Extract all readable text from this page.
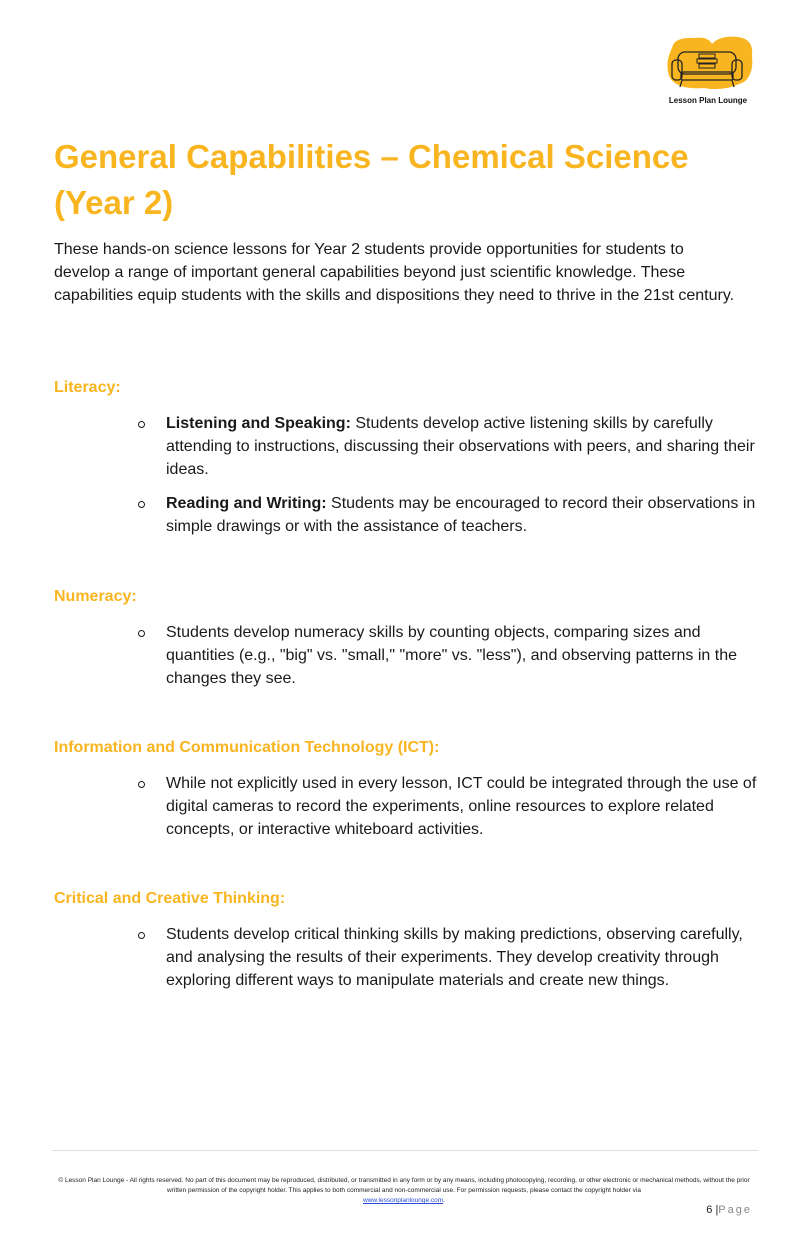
Lesson Plan Lounge
General Capabilities – Chemical Science (Year 2)

These hands-on science lessons for Year 2 students provide opportunities for students to develop a range of important general capabilities beyond just scientific knowledge. These capabilities equip students with the skills and dispositions they need to thrive in the 21st century.

Literacy:
Listening and Speaking: Students develop active listening skills by carefully attending to instructions, discussing their observations with peers, and sharing their ideas.
Reading and Writing: Students may be encouraged to record their observations in simple drawings or with the assistance of teachers.
Numeracy:
Students develop numeracy skills by counting objects, comparing sizes and quantities (e.g., "big" vs. "small," "more" vs. "less"), and observing patterns in the changes they see.
Information and Communication Technology (ICT):
While not explicitly used in every lesson, ICT could be integrated through the use of digital cameras to record the experiments, online resources to explore related concepts, or interactive whiteboard activities.
Critical and Creative Thinking:
Students develop critical thinking skills by making predictions, observing carefully, and analysing the results of their experiments. They develop creativity through exploring different ways to manipulate materials and create new things.
© Lesson Plan Lounge - All rights reserved. No part of this document may be reproduced, distributed, or transmitted in any form or by any means, including photocopying, recording, or other electronic or mechanical methods, without the prior written permission of the copyright holder. This applies to both commercial and non-commercial use. For permission requests, please contact the copyright holder via
www.lessonplanlounge.com.
6 |Page
